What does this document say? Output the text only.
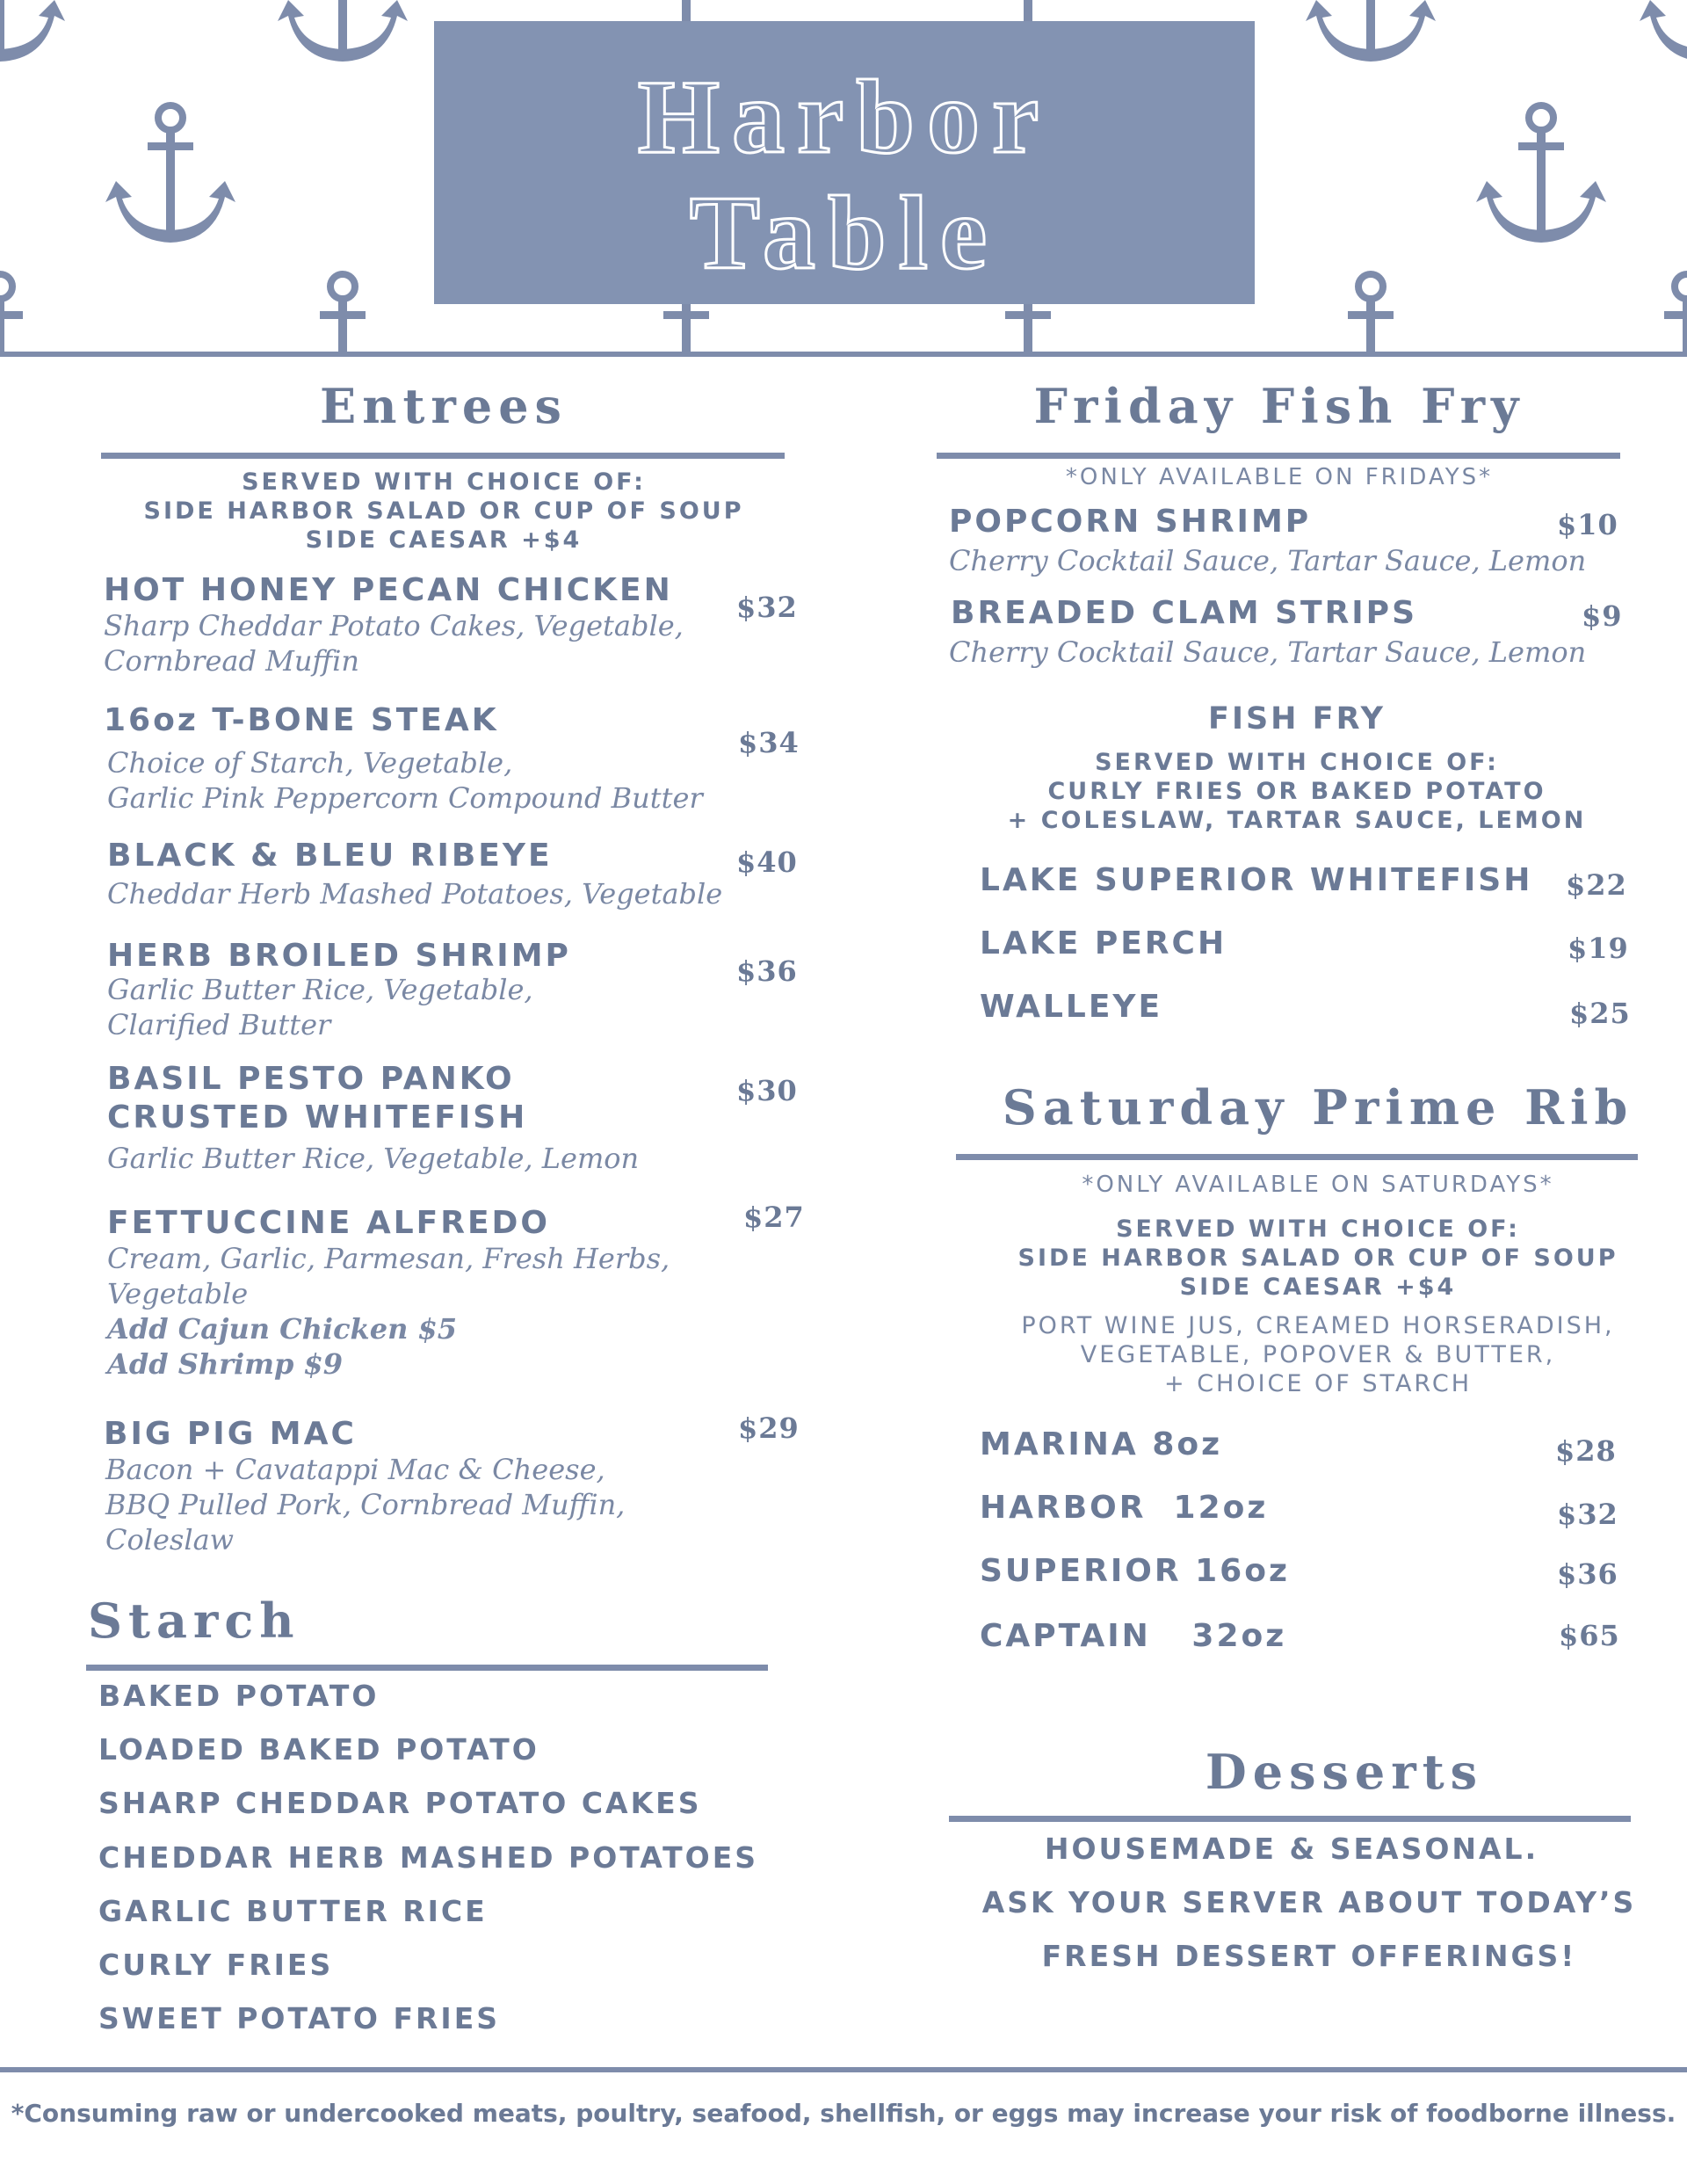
Harbor
Table
Entrees
SERVED WITH CHOICE OF:
SIDE HARBOR SALAD OR CUP OF SOUP
SIDE CAESAR +$4
HOT HONEY PECAN CHICKEN $32
Sharp Cheddar Potato Cakes, Vegetable,
Cornbread Muffin
16oz T-BONE STEAK
$34
Choice of Starch, Vegetable,
Garlic Pink Peppercorn Compound Butter
BLACK & BLEU RIBEYE	$40
Cheddar Herb Mashed Potatoes, Vegetable
HERB BROILED SHRIMP	$36
Garlic Butter Rice, Vegetable,
Clarified Butter
BASIL PESTO PANKO
CRUSTED WHITEFISH
$30
Garlic Butter Rice, Vegetable, Lemon
FETTUCCINE ALFREDO	$27
Cream, Garlic, Parmesan, Fresh Herbs,
Vegetable
Add Cajun Chicken $5
Add Shrimp $9
BIG PIG MAC	$29
Bacon + Cavatappi Mac & Cheese,
BBQ Pulled Pork, Cornbread Muffin,
Coleslaw
Starch
BAKED POTATO
LOADED BAKED POTATO
SHARP CHEDDAR POTATO CAKES
CHEDDAR HERB MASHED POTATOES
GARLIC BUTTER RICE
CURLY FRIES
SWEET POTATO FRIES
Friday Fish Fry
*ONLY AVAILABLE ON FRIDAYS*
POPCORN SHRIMP	$10
Cherry Cocktail Sauce, Tartar Sauce, Lemon
BREADED CLAM STRIPS	$9
Cherry Cocktail Sauce, Tartar Sauce, Lemon
FISH FRY
SERVED WITH CHOICE OF:
CURLY FRIES OR BAKED POTATO
+ COLESLAW, TARTAR SAUCE, LEMON
LAKE SUPERIOR WHITEFISH $22
LAKE PERCH	$19
WALLEYE	$25
Saturday Prime Rib
*ONLY AVAILABLE ON SATURDAYS*
SERVED WITH CHOICE OF:
SIDE HARBOR SALAD OR CUP OF SOUP
SIDE CAESAR +$4
PORT WINE JUS, CREAMED HORSERADISH,
VEGETABLE, POPOVER & BUTTER,
+ CHOICE OF STARCH
MARINA 8oz	$28
HARBOR  12oz	$32
SUPERIOR 16oz	$36
CAPTAIN   32oz	$65
Desserts
HOUSEMADE & SEASONAL.
ASK YOUR SERVER ABOUT TODAY’S
FRESH DESSERT OFFERINGS!
*Consuming raw or undercooked meats, poultry, seafood, shellfish, or eggs may increase your risk of foodborne illness.
